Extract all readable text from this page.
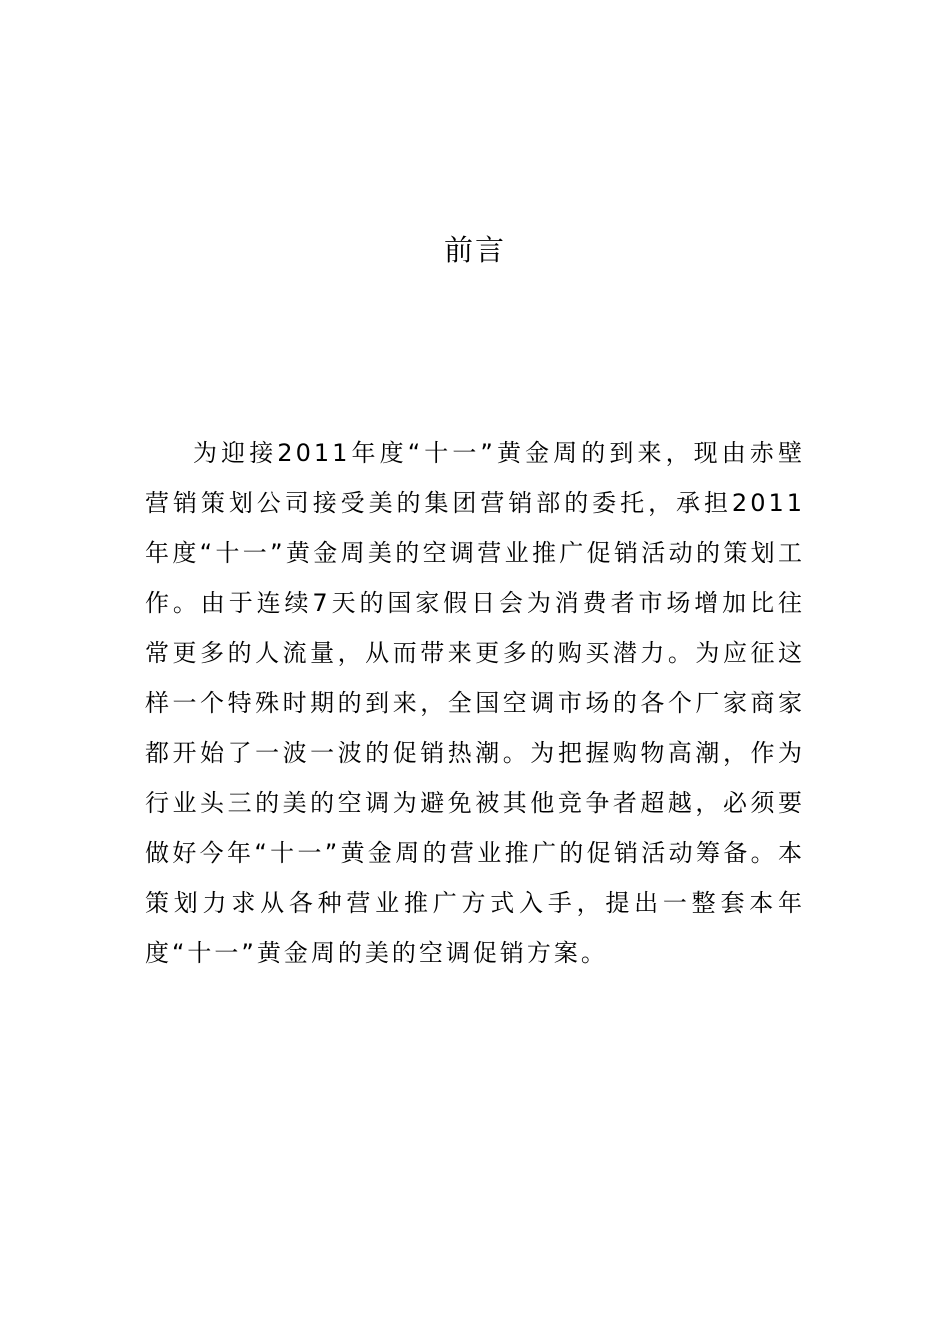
前言

为迎接2011年度“十一”黄金周的到来，现由赤壁营销策划公司接受美的集团营销部的委托，承担2011年度“十一”黄金周美的空调营业推广促销活动的策划工作。由于连续7天的国家假日会为消费者市场增加比往常更多的人流量，从而带来更多的购买潜力。为应征这样一个特殊时期的到来，全国空调市场的各个厂家商家都开始了一波一波的促销热潮。为把握购物高潮，作为行业头三的美的空调为避免被其他竞争者超越，必须要做好今年“十一”黄金周的营业推广的促销活动筹备。本策划力求从各种营业推广方式入手，提出一整套本年度“十一”黄金周的美的空调促销方案。
